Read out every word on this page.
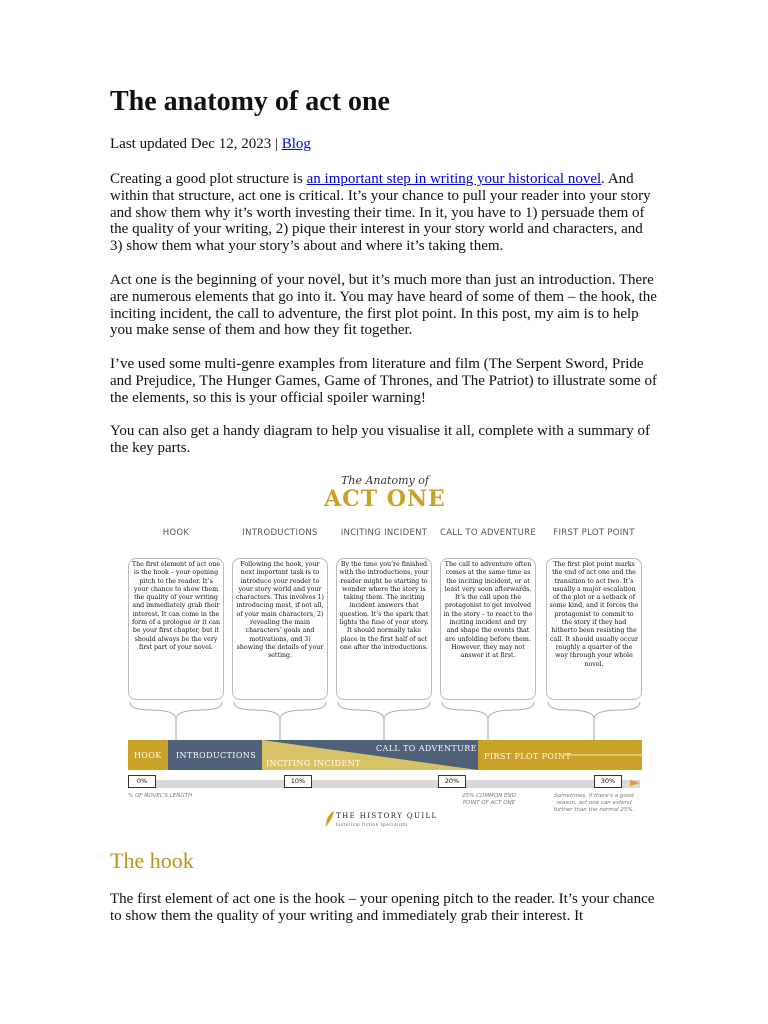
The anatomy of act one
Last updated Dec 12, 2023 | Blog

Creating a good plot structure is an important step in writing your historical novel. And within that structure, act one is critical. It’s your chance to pull your reader into your story and show them why it’s worth investing their time. In it, you have to 1) persuade them of the quality of your writing, 2) pique their interest in your story world and characters, and 3) show them what your story’s about and where it’s taking them.

Act one is the beginning of your novel, but it’s much more than just an introduction. There are numerous elements that go into it. You may have heard of some of them – the hook, the inciting incident, the call to adventure, the first plot point. In this post, my aim is to help you make sense of them and how they fit together.

I’ve used some multi-genre examples from literature and film (The Serpent Sword, Pride and Prejudice, The Hunger Games, Game of Thrones, and The Patriot) to illustrate some of the elements, so this is your official spoiler warning!

You can also get a handy diagram to help you visualise it all, complete with a summary of the key parts.

The hook

The first element of act one is the hook – your opening pitch to the reader. It’s your chance to show them the quality of your writing and immediately grab their interest. It

The Anatomy of
ACT ONE
HOOK	INTRODUCTIONS	INCITING INCIDENT	CALL TO ADVENTURE	FIRST PLOT POINT
The first element of act one is the hook – your opening pitch to the reader. It’s your chance to show them the quality of your writing and immediately grab their interest. It can come in the form of a prologue or it can be your first chapter, but it should always be the very first part of your novel.
Following the hook, your next important task is to introduce your reader to your story world and your characters. This involves 1) introducing most, if not all, of your main characters, 2) revealing the main characters’ goals and motivations, and 3) showing the details of your setting.
By the time you’re finished with the introductions, your reader might be starting to wonder where the story is taking them. The inciting incident answers that question. It’s the spark that lights the fuse of your story. It should normally take place in the first half of act one after the introductions.
The call to adventure often comes at the same time as the inciting incident, or at least very soon afterwards. It’s the call upon the protagonist to get involved in the story – to react to the inciting incident and try and shape the events that are unfolding before them. However, they may not answer it at first.
The first plot point marks the end of act one and the transition to act two. It’s usually a major escalation of the plot or a setback of some kind, and it forces the protagonist to commit to the story if they had hitherto been resisting the call. It should usually occur roughly a quarter of the way through your whole novel.
HOOK INTRODUCTIONS
INCITING INCIDENT
CALL TO ADVENTURE
FIRST PLOT POINT
0%	10%	20%	30%
% OF NOVEL'S LENGTH	25% COMMON END POINT OF ACT ONE
Sometimes, if there's a good reason, act one can extend further than the normal 25%.
THE HISTORY QUILL
historical fiction specialists
